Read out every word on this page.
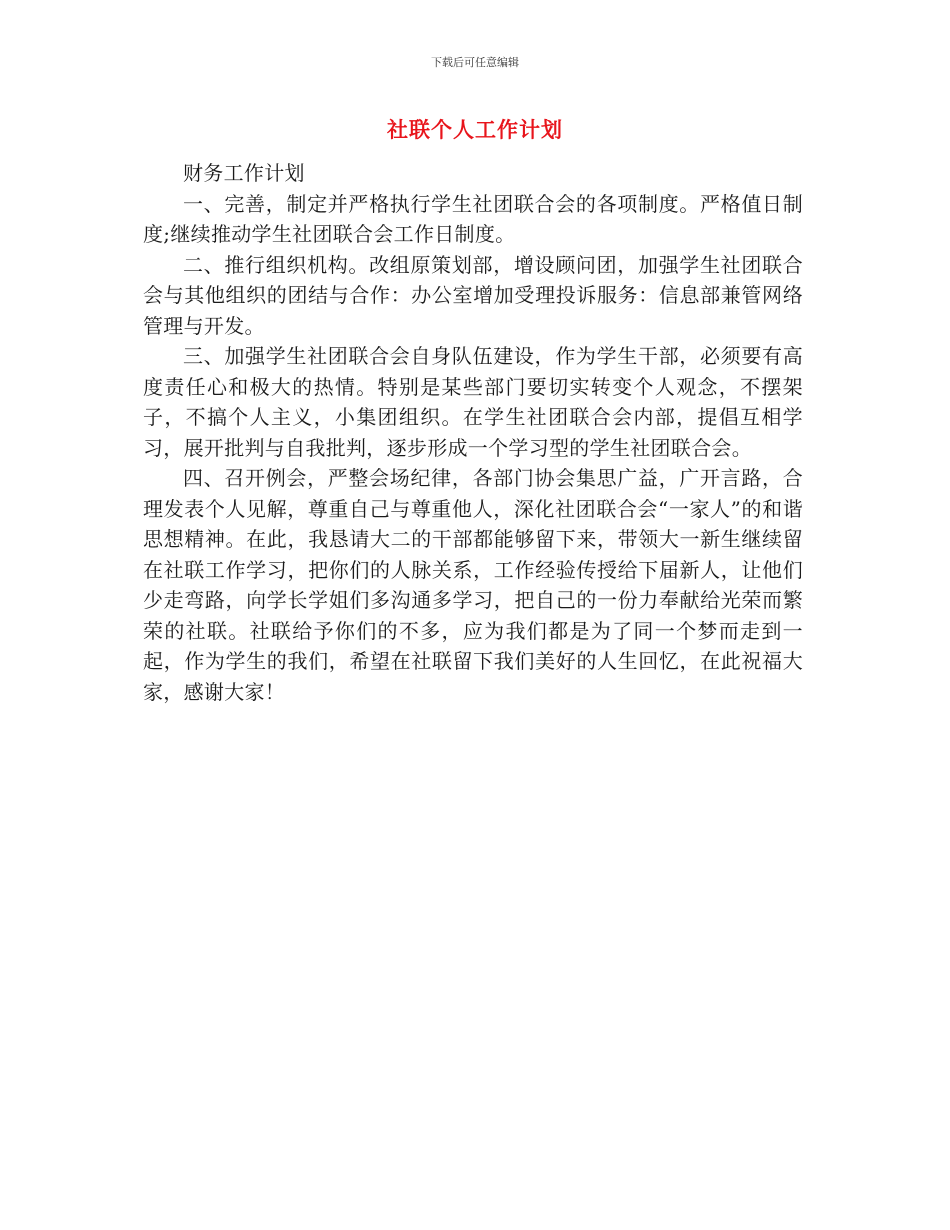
下载后可任意编辑
社联个人工作计划

财务工作计划

一、完善，制定并严格执行学生社团联合会的各项制度。严格值日制度;继续推动学生社团联合会工作日制度。

二、推行组织机构。改组原策划部，增设顾问团，加强学生社团联合会与其他组织的团结与合作：办公室增加受理投诉服务：信息部兼管网络管理与开发。

三、加强学生社团联合会自身队伍建设，作为学生干部，必须要有高度责任心和极大的热情。特别是某些部门要切实转变个人观念，不摆架子，不搞个人主义，小集团组织。在学生社团联合会内部，提倡互相学习，展开批判与自我批判，逐步形成一个学习型的学生社团联合会。

四、召开例会，严整会场纪律，各部门协会集思广益，广开言路，合理发表个人见解，尊重自己与尊重他人，深化社团联合会“一家人”的和谐思想精神。在此，我恳请大二的干部都能够留下来，带领大一新生继续留在社联工作学习，把你们的人脉关系，工作经验传授给下届新人，让他们少走弯路，向学长学姐们多沟通多学习，把自己的一份力奉献给光荣而繁荣的社联。社联给予你们的不多，应为我们都是为了同一个梦而走到一起，作为学生的我们，希望在社联留下我们美好的人生回忆，在此祝福大家，感谢大家！
